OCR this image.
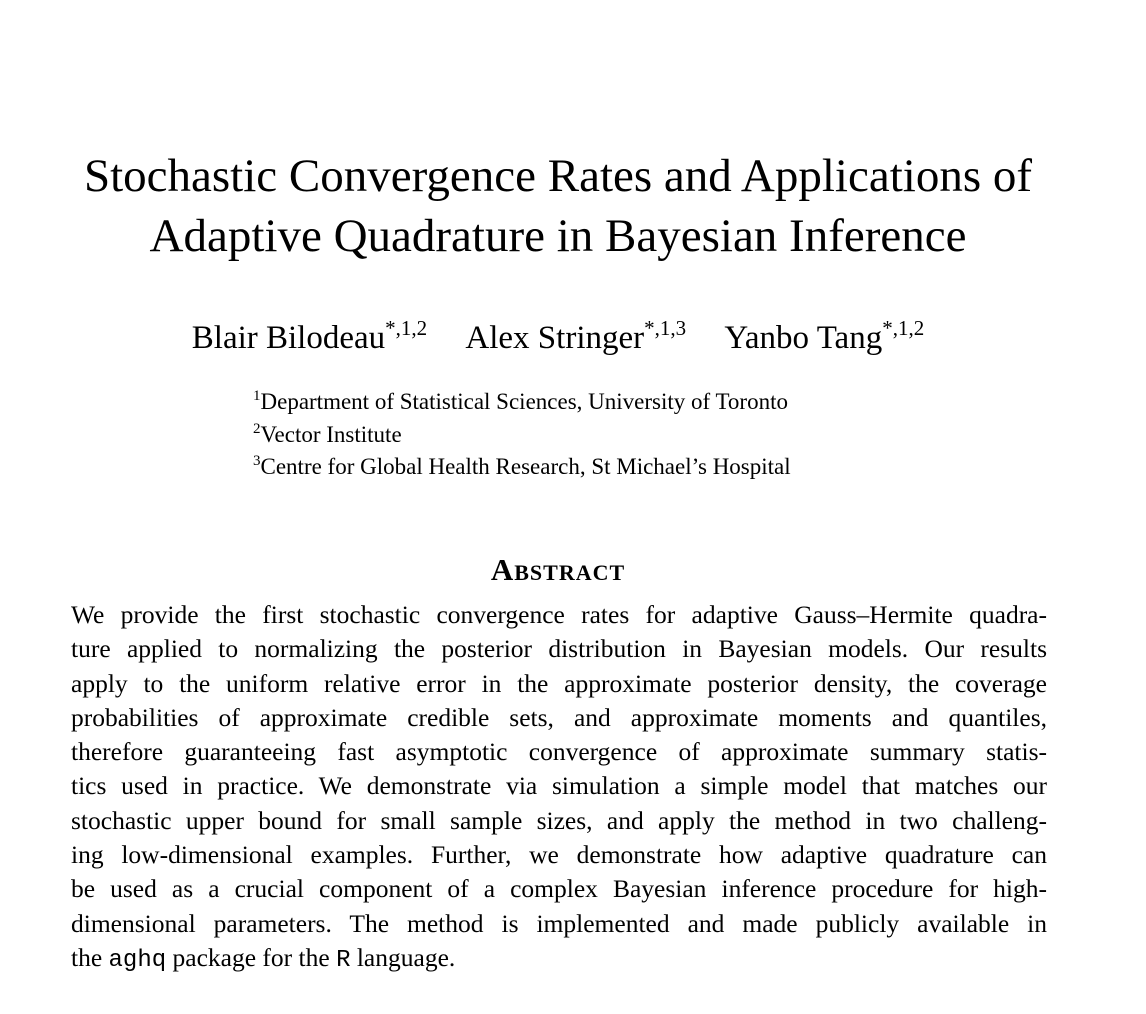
Stochastic Convergence Rates and Applications of
Adaptive Quadrature in Bayesian Inference
Blair Bilodeau$^{*,1,2}$ Alex Stringer$^{*,1,3}$ Yanbo Tang$^{*,1,2}$
$^1$Department of Statistical Sciences, University of Toronto
$^2$Vector Institute
$^3$Centre for Global Health Research, St Michael’s Hospital
Abstract
We provide the first stochastic convergence rates for adaptive Gauss–Hermite quadra-
ture applied to normalizing the posterior distribution in Bayesian models. Our results
apply to the uniform relative error in the approximate posterior density, the coverage
probabilities of approximate credible sets, and approximate moments and quantiles,
therefore guaranteeing fast asymptotic convergence of approximate summary statis-
tics used in practice. We demonstrate via simulation a simple model that matches our
stochastic upper bound for small sample sizes, and apply the method in two challeng-
ing low-dimensional examples. Further, we demonstrate how adaptive quadrature can
be used as a crucial component of a complex Bayesian inference procedure for high-
dimensional parameters. The method is implemented and made publicly available in
the aghq package for the R language.
